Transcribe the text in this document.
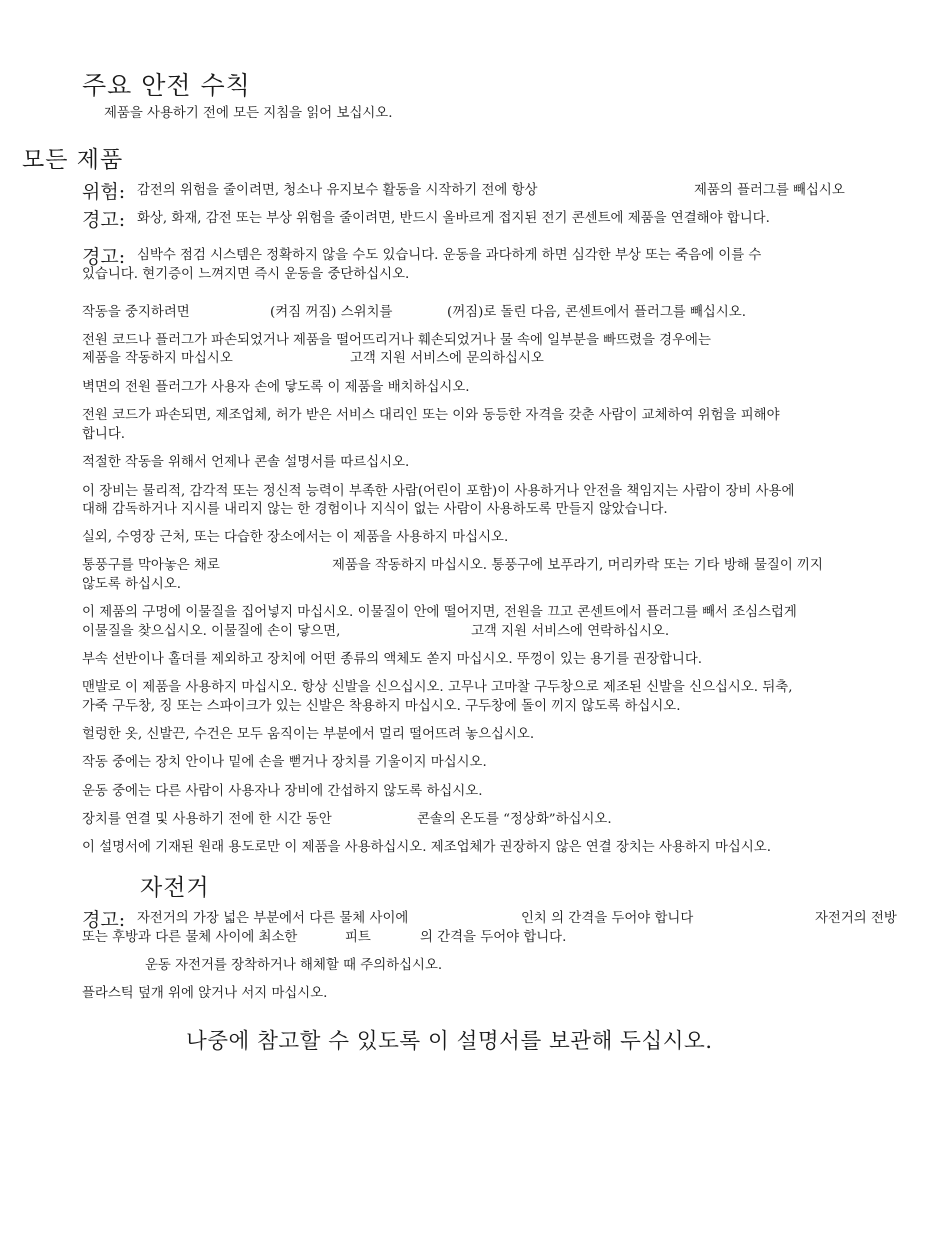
주요 안전 수칙
제품을 사용하기 전에 모든 지침을 읽어 보십시오.
모든 제품
위험: 감전의 위험을 줄이려면, 청소나 유지보수 활동을 시작하기 전에 항상	제품의 플러그를 빼십시오
경고: 화상, 화재, 감전 또는 부상 위험을 줄이려면, 반드시 올바르게 접지된 전기 콘센트에 제품을 연결해야 합니다.
경고: 심박수 점검 시스템은 정확하지 않을 수도 있습니다. 운동을 과다하게 하면 심각한 부상 또는 죽음에 이를 수
있습니다. 현기증이 느껴지면 즉시 운동을 중단하십시오.
작동을 중지하려면	(켜짐 꺼짐) 스위치를	(꺼짐)로 돌린 다음, 콘센트에서 플러그를 빼십시오.
전원 코드나 플러그가 파손되었거나 제품을 떨어뜨리거나 훼손되었거나 물 속에 일부분을 빠뜨렸을 경우에는
제품을 작동하지 마십시오	고객 지원 서비스에 문의하십시오
벽면의 전원 플러그가 사용자 손에 닿도록 이 제품을 배치하십시오.
전원 코드가 파손되면, 제조업체, 허가 받은 서비스 대리인 또는 이와 동등한 자격을 갖춘 사람이 교체하여 위험을 피해야
합니다.
적절한 작동을 위해서 언제나 콘솔 설명서를 따르십시오.
이 장비는 물리적, 감각적 또는 정신적 능력이 부족한 사람(어린이 포함)이 사용하거나 안전을 책임지는 사람이 장비 사용에
대해 감독하거나 지시를 내리지 않는 한 경험이나 지식이 없는 사람이 사용하도록 만들지 않았습니다.
실외, 수영장 근처, 또는 다습한 장소에서는 이 제품을 사용하지 마십시오.
통풍구를 막아놓은 채로	제품을 작동하지 마십시오. 통풍구에 보푸라기, 머리카락 또는 기타 방해 물질이 끼지
않도록 하십시오.
이 제품의 구멍에 이물질을 집어넣지 마십시오. 이물질이 안에 떨어지면, 전원을 끄고 콘센트에서 플러그를 빼서 조심스럽게
이물질을 찾으십시오. 이물질에 손이 닿으면,	고객 지원 서비스에 연락하십시오.
부속 선반이나 홀더를 제외하고 장치에 어떤 종류의 액체도 쏟지 마십시오. 뚜껑이 있는 용기를 권장합니다.
맨발로 이 제품을 사용하지 마십시오. 항상 신발을 신으십시오. 고무나 고마찰 구두창으로 제조된 신발을 신으십시오. 뒤축,
가죽 구두창, 징 또는 스파이크가 있는 신발은 착용하지 마십시오. 구두창에 돌이 끼지 않도록 하십시오.
헐렁한 옷, 신발끈, 수건은 모두 움직이는 부분에서 멀리 떨어뜨려 놓으십시오.
작동 중에는 장치 안이나 밑에 손을 뻗거나 장치를 기울이지 마십시오.
운동 중에는 다른 사람이 사용자나 장비에 간섭하지 않도록 하십시오.
장치를 연결 및 사용하기 전에 한 시간 동안	콘솔의 온도를 “정상화”하십시오.
이 설명서에 기재된 원래 용도로만 이 제품을 사용하십시오. 제조업체가 권장하지 않은 연결 장치는 사용하지 마십시오.
자전거
경고: 자전거의 가장 넓은 부분에서 다른 물체 사이에	인치 의 간격을 두어야 합니다	자전거의 전방
또는 후방과 다른 물체 사이에 최소한	피트	의 간격을 두어야 합니다.
운동 자전거를 장착하거나 해체할 때 주의하십시오.
플라스틱 덮개 위에 앉거나 서지 마십시오.
나중에 참고할 수 있도록 이 설명서를 보관해 두십시오.
